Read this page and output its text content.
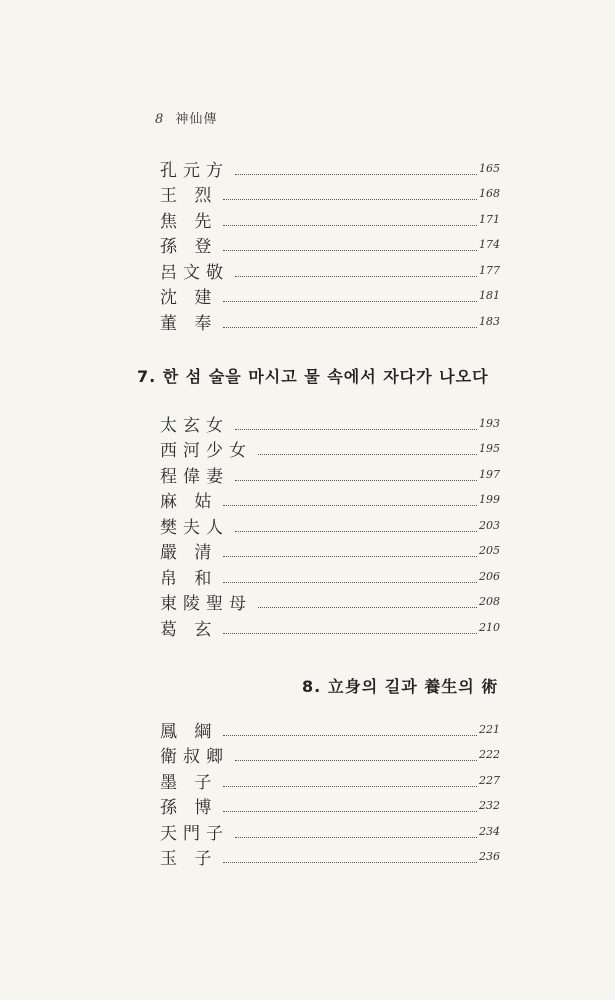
8 神仙傳
孔元方	165
王 烈	168
焦 先	171
孫 登	174
呂文敬	177
沈 建	181
董 奉	183
7. 한 섬 술을 마시고 물 속에서 자다가 나오다
太玄女	193
西河少女	195
程偉妻	197
麻 姑	199
樊夫人	203
嚴 清	205
帛 和	206
東陵聖母	208
葛 玄	210
8. 立身의 길과 養生의 術
鳳 綱	221
衛叔卿	222
墨 子	227
孫 博	232
天門子	234
玉 子	236
